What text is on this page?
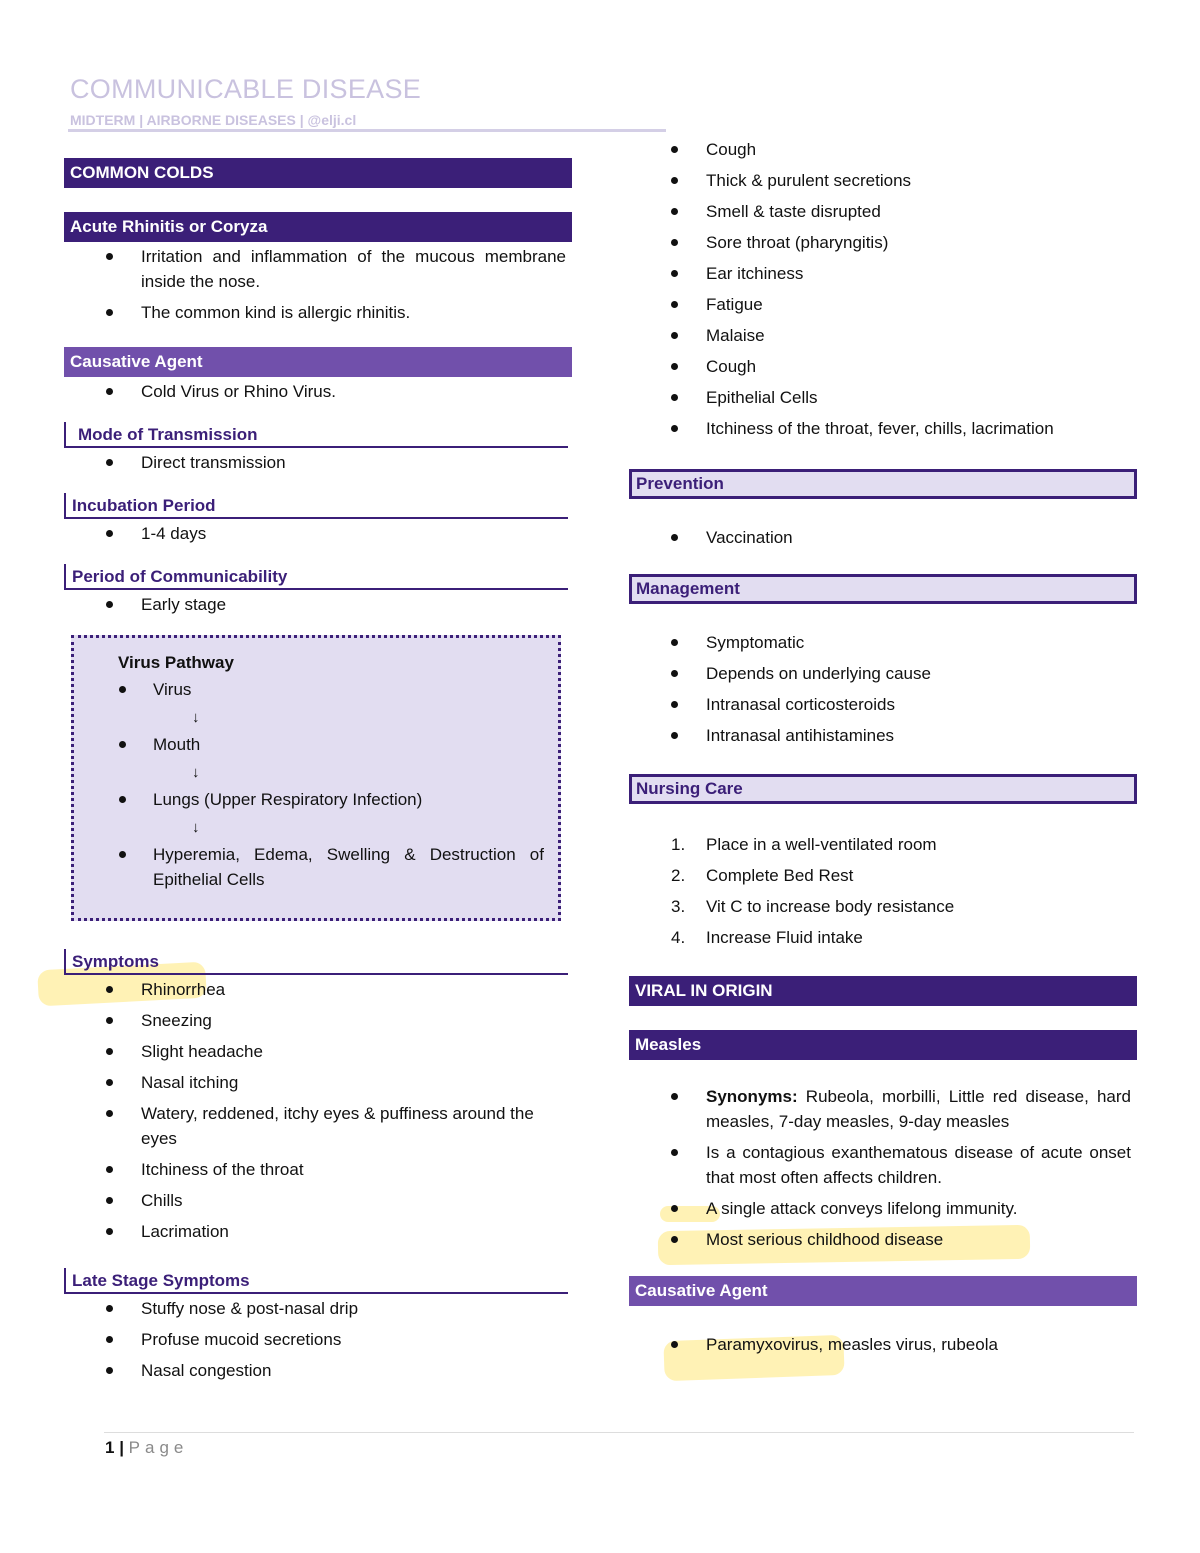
COMMUNICABLE DISEASE
MIDTERM | AIRBORNE DISEASES | @elji.cl
COMMON COLDS
Acute Rhinitis or Coryza
Irritation and inflammation of the mucous membrane inside the nose.
The common kind is allergic rhinitis.
Causative Agent
Cold Virus or Rhino Virus.
Mode of Transmission
Direct transmission
Incubation Period
1-4 days
Period of Communicability
Early stage
Virus Pathway
Virus
↓
Mouth
↓
Lungs (Upper Respiratory Infection)
↓
Hyperemia, Edema, Swelling & Destruction of Epithelial Cells
Symptoms
Rhinorrhea
Sneezing
Slight headache
Nasal itching
Watery, reddened, itchy eyes & puffiness around the eyes
Itchiness of the throat
Chills
Lacrimation
Late Stage Symptoms
Stuffy nose & post-nasal drip
Profuse mucoid secretions
Nasal congestion
Cough
Thick & purulent secretions
Smell & taste disrupted
Sore throat (pharyngitis)
Ear itchiness
Fatigue
Malaise
Cough
Epithelial Cells
Itchiness of the throat, fever, chills, lacrimation
Prevention
Vaccination
Management
Symptomatic
Depends on underlying cause
Intranasal corticosteroids
Intranasal antihistamines
Nursing Care
1. Place in a well-ventilated room
2. Complete Bed Rest
3. Vit C to increase body resistance
4. Increase Fluid intake
VIRAL IN ORIGIN
Measles
Synonyms: Rubeola, morbilli, Little red disease, hard measles, 7-day measles, 9-day measles
Is a contagious exanthematous disease of acute onset that most often affects children.
A single attack conveys lifelong immunity.
Most serious childhood disease
Causative Agent
Paramyxovirus, measles virus, rubeola
1 | Page
